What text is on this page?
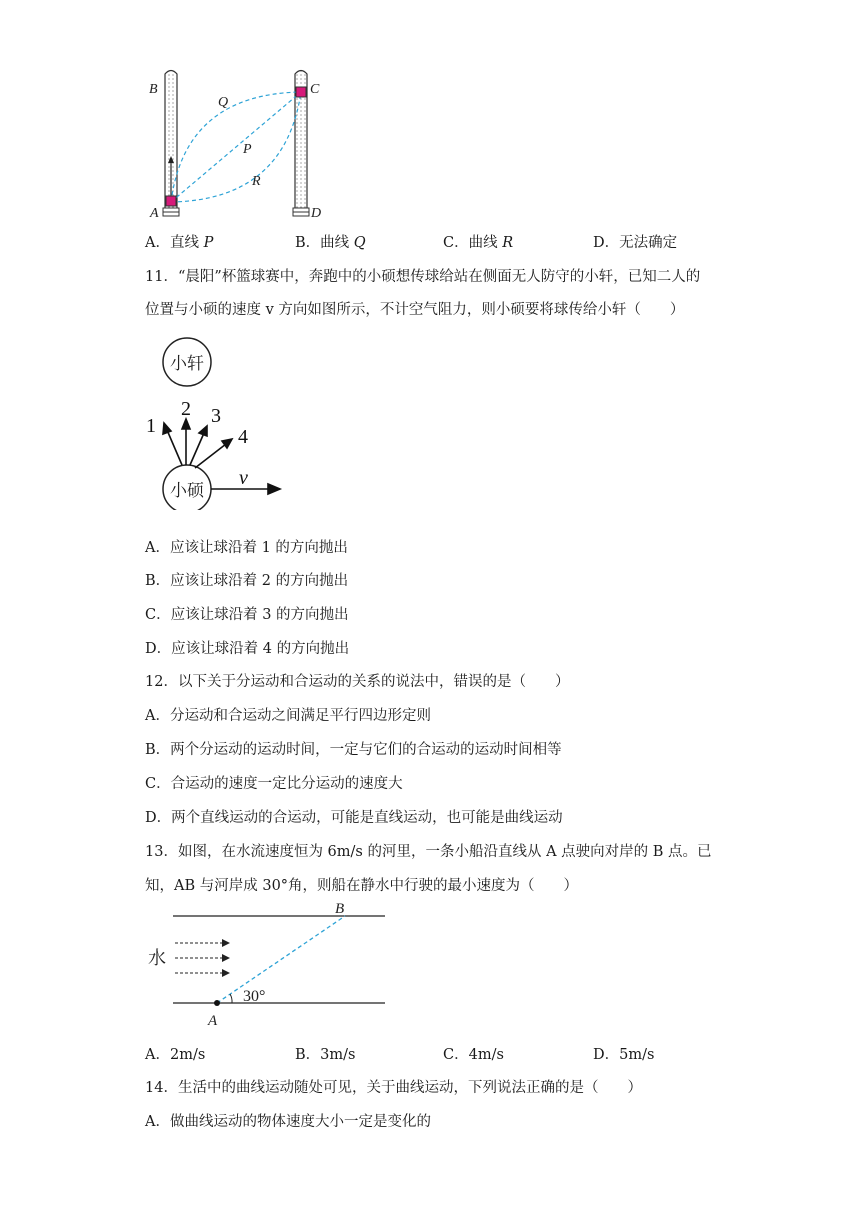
B	C
A	D
Q
P
R
A．直线 P	B．曲线 Q	C．曲线 R	D．无法确定
11．“晨阳”杯篮球赛中，奔跑中的小硕想传球给站在侧面无人防守的小轩，已知二人的
位置与小硕的速度 v 方向如图所示，不计空气阻力，则小硕要将球传给小轩（　　）
小轩
小硕
1
2 3
4
v
A．应该让球沿着 1 的方向抛出
B．应该让球沿着 2 的方向抛出
C．应该让球沿着 3 的方向抛出
D．应该让球沿着 4 的方向抛出
12．以下关于分运动和合运动的关系的说法中，错误的是（　　）
A．分运动和合运动之间满足平行四边形定则
B．两个分运动的运动时间，一定与它们的合运动的运动时间相等
C．合运动的速度一定比分运动的速度大
D．两个直线运动的合运动，可能是直线运动，也可能是曲线运动
13．如图，在水流速度恒为 6m/s 的河里，一条小船沿直线从 A 点驶向对岸的 B 点。已
知，AB 与河岸成 30°角，则船在静水中行驶的最小速度为（　　）
水
B
A
30°
A．2m/s	B．3m/s	C．4m/s	D．5m/s
14．生活中的曲线运动随处可见，关于曲线运动，下列说法正确的是（　　）
A．做曲线运动的物体速度大小一定是变化的
